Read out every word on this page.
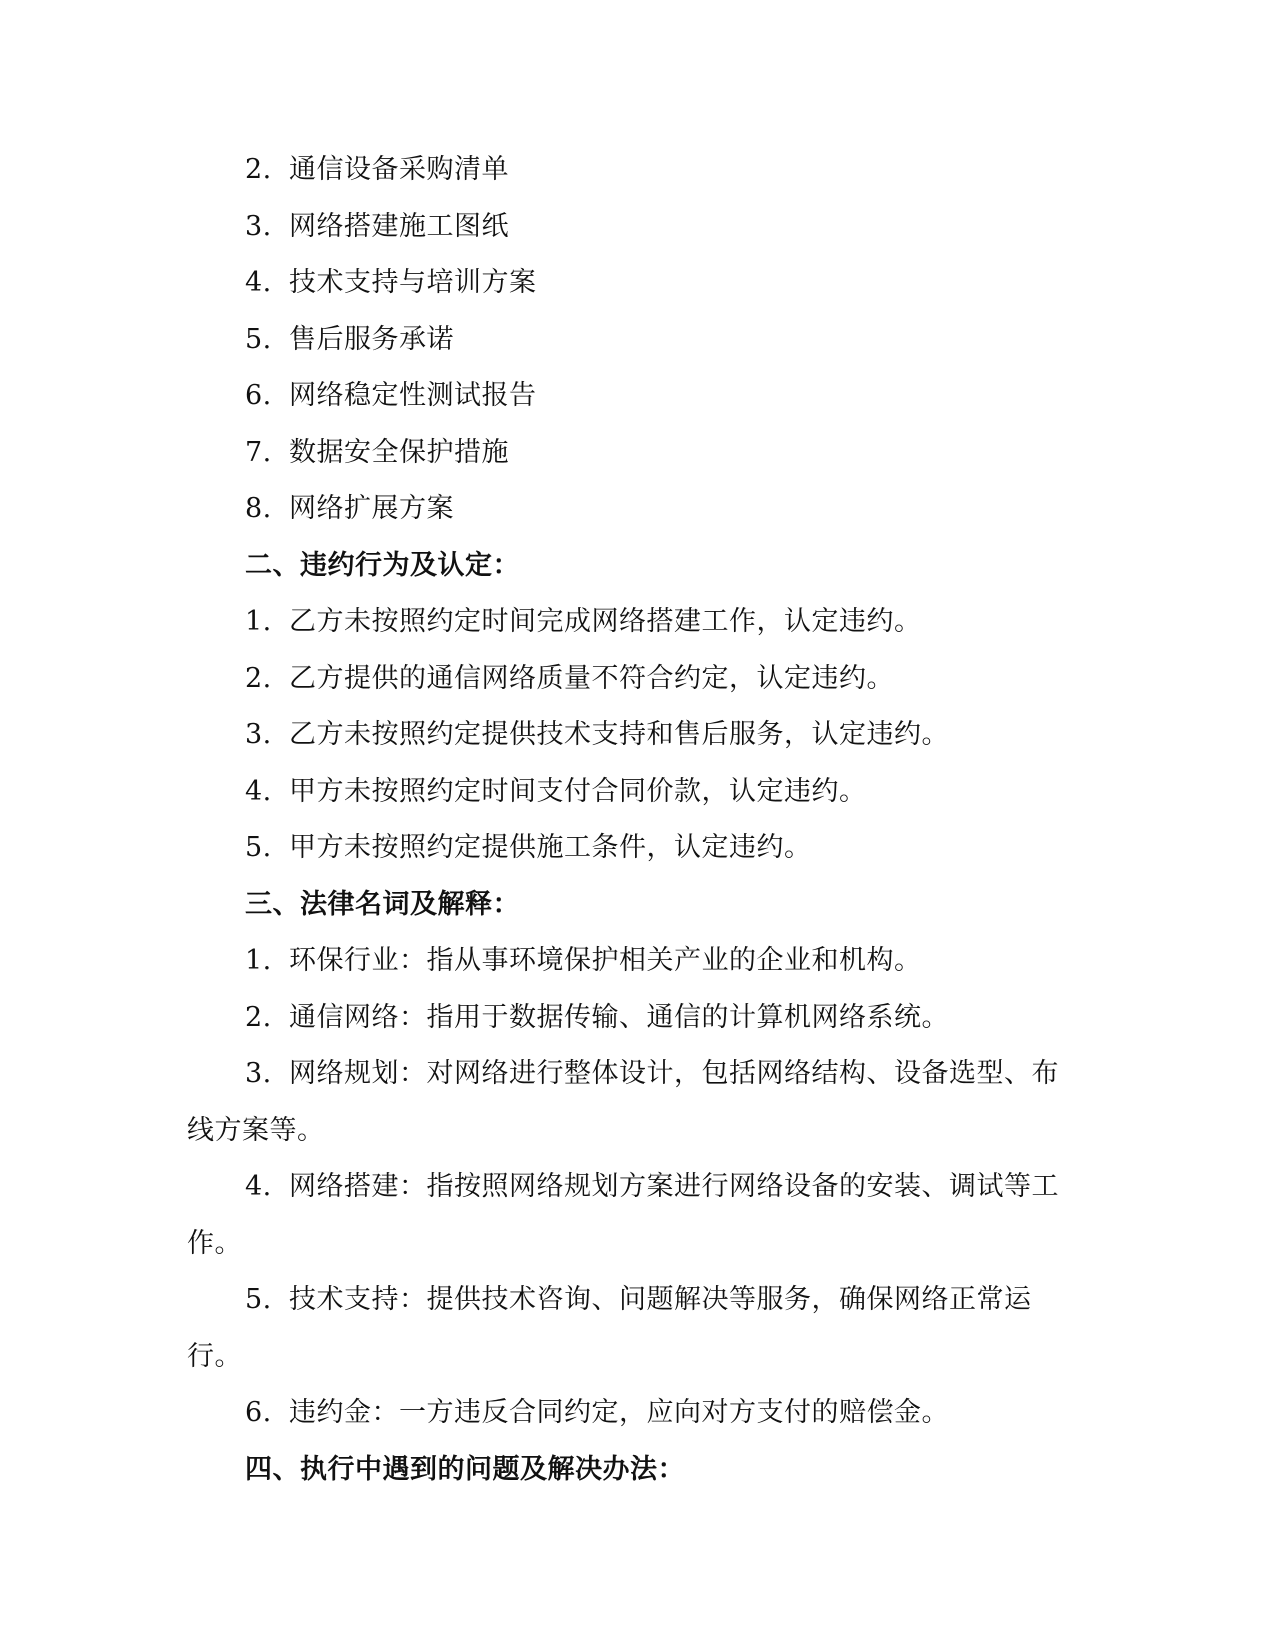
2. 通信设备采购清单
3. 网络搭建施工图纸
4. 技术支持与培训方案
5. 售后服务承诺
6. 网络稳定性测试报告
7. 数据安全保护措施
8. 网络扩展方案
二、违约行为及认定：
1. 乙方未按照约定时间完成网络搭建工作，认定违约。
2. 乙方提供的通信网络质量不符合约定，认定违约。
3. 乙方未按照约定提供技术支持和售后服务，认定违约。
4. 甲方未按照约定时间支付合同价款，认定违约。
5. 甲方未按照约定提供施工条件，认定违约。
三、法律名词及解释：
1. 环保行业：指从事环境保护相关产业的企业和机构。
2. 通信网络：指用于数据传输、通信的计算机网络系统。
3. 网络规划：对网络进行整体设计，包括网络结构、设备选型、布线方案等。
4. 网络搭建：指按照网络规划方案进行网络设备的安装、调试等工作。
5. 技术支持：提供技术咨询、问题解决等服务，确保网络正常运行。
6. 违约金：一方违反合同约定，应向对方支付的赔偿金。
四、执行中遇到的问题及解决办法：
